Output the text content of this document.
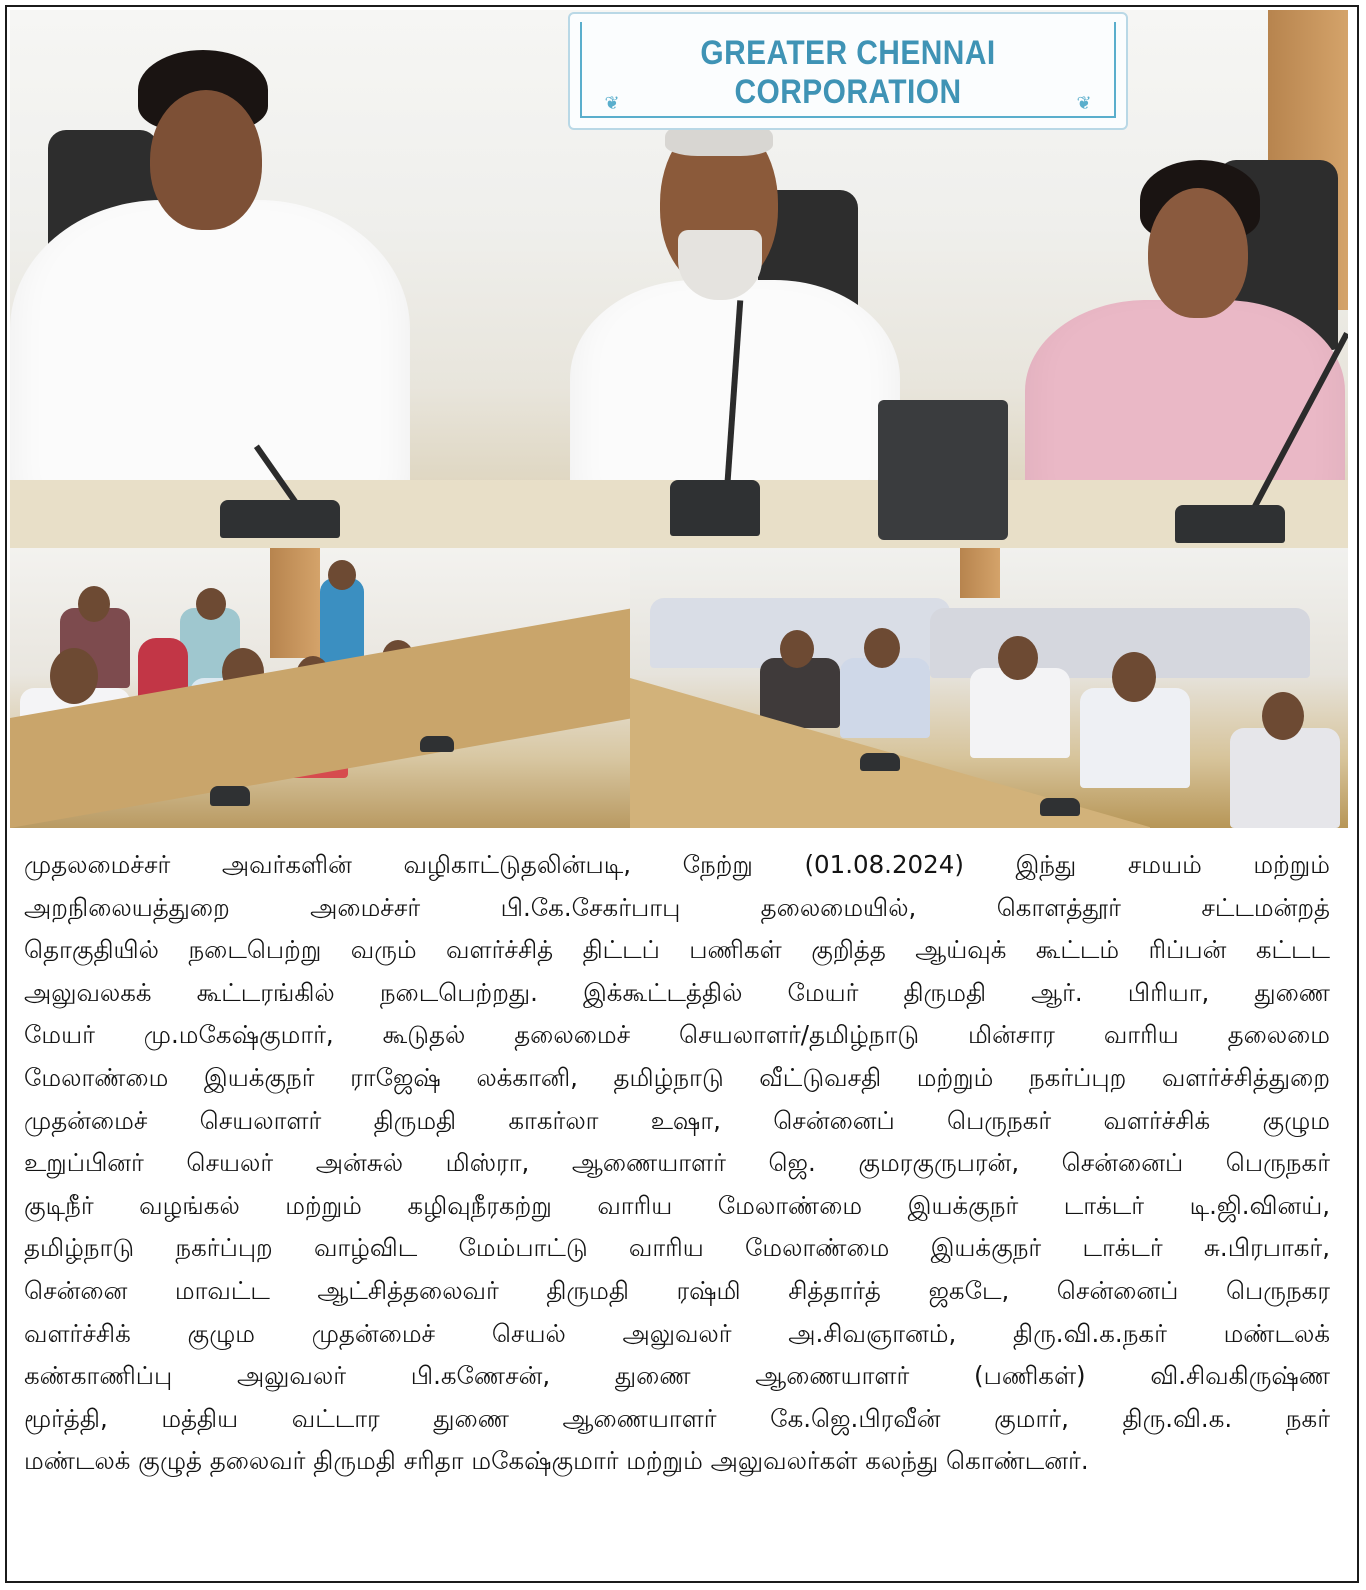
GREATER CHENNAI CORPORATION
❦	❦
முதலமைச்சர் அவர்களின் வழிகாட்டுதலின்படி, நேற்று (01.08.2024) இந்து சமயம் மற்றும்
அறநிலையத்துறை அமைச்சர் பி.கே.சேகர்பாபு தலைமையில், கொளத்தூர் சட்டமன்றத்
தொகுதியில் நடைபெற்று வரும் வளர்ச்சித் திட்டப் பணிகள் குறித்த ஆய்வுக் கூட்டம் ரிப்பன் கட்டட
அலுவலகக் கூட்டரங்கில் நடைபெற்றது. இக்கூட்டத்தில் மேயர் திருமதி ஆர். பிரியா, துணை
மேயர் மு.மகேஷ்குமார், கூடுதல் தலைமைச் செயலாளர்/தமிழ்நாடு மின்சார வாரிய தலைமை
மேலாண்மை இயக்குநர் ராஜேஷ் லக்கானி, தமிழ்நாடு வீட்டுவசதி மற்றும் நகர்ப்புற வளர்ச்சித்துறை
முதன்மைச் செயலாளர் திருமதி காகர்லா உஷா, சென்னைப் பெருநகர் வளர்ச்சிக் குழும
உறுப்பினர் செயலர் அன்சுல் மிஸ்ரா, ஆணையாளர் ஜெ. குமரகுருபரன், சென்னைப் பெருநகர்
குடிநீர் வழங்கல் மற்றும் கழிவுநீரகற்று வாரிய மேலாண்மை இயக்குநர் டாக்டர் டி.ஜி.வினய்,
தமிழ்நாடு நகர்ப்புற வாழ்விட மேம்பாட்டு வாரிய மேலாண்மை இயக்குநர் டாக்டர் சு.பிரபாகர்,
சென்னை மாவட்ட ஆட்சித்தலைவர் திருமதி ரஷ்மி சித்தார்த் ஜகடே, சென்னைப் பெருநகர
வளர்ச்சிக் குழும முதன்மைச் செயல் அலுவலர் அ.சிவஞானம், திரு.வி.க.நகர் மண்டலக்
கண்காணிப்பு அலுவலர் பி.கணேசன், துணை ஆணையாளர் (பணிகள்) வி.சிவகிருஷ்ண
மூர்த்தி, மத்திய வட்டார துணை ஆணையாளர் கே.ஜெ.பிரவீன் குமார், திரு.வி.க. நகர்
மண்டலக் குழுத் தலைவர் திருமதி சரிதா மகேஷ்குமார் மற்றும் அலுவலர்கள் கலந்து கொண்டனர்.
